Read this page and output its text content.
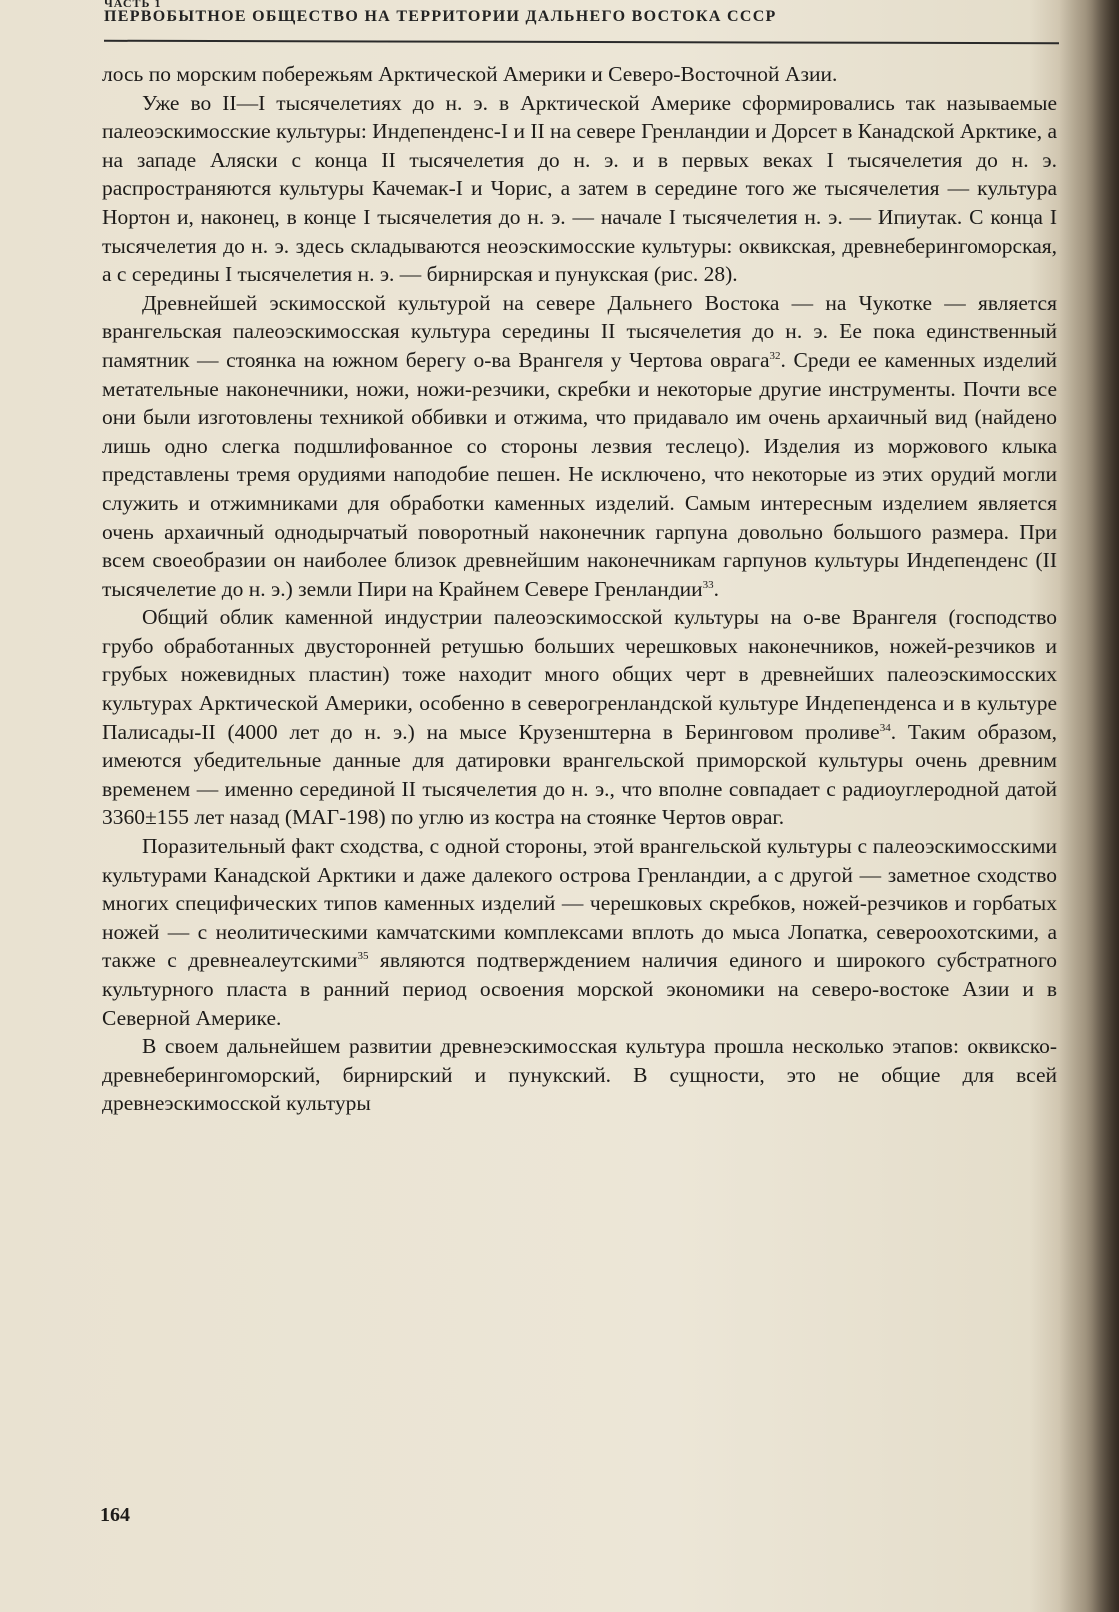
ЧАСТЬ 1
ПЕРВОБЫТНОЕ ОБЩЕСТВО НА ТЕРРИТОРИИ ДАЛЬНЕГО ВОСТОКА СССР

лось по морским побережьям Арктической Америки и Северо-Восточной Азии.

Уже во II—I тысячелетиях до н. э. в Арктической Америке сформировались так называемые палеоэскимосские культуры: Индепенденс-I и II на севере Гренландии и Дорсет в Канадской Арктике, а на западе Аляски с конца II тысячелетия до н. э. и в первых веках I тысячелетия до н. э. распространяются культуры Качемак-I и Чорис, а затем в середине того же тысячелетия — культура Нортон и, наконец, в конце I тысячелетия до н. э. — начале I тысячелетия н. э. — Ипиутак. С конца I тысячелетия до н. э. здесь складываются неоэскимосские культуры: оквикская, древнеберингоморская, а с середины I тысячелетия н. э. — бирнирская и пунукская (рис. 28).

Древнейшей эскимосской культурой на севере Дальнего Востока — на Чукотке — является врангельская палеоэскимосская культура середины II тысячелетия до н. э. Ее пока единственный памятник — стоянка на южном берегу о-ва Врангеля у Чертова оврага$^{32}$. Среди ее каменных изделий метательные наконечники, ножи, ножи-резчики, скребки и некоторые другие инструменты. Почти все они были изготовлены техникой оббивки и отжима, что придавало им очень архаичный вид (найдено лишь одно слегка подшлифованное со стороны лезвия теслецо). Изделия из моржового клыка представлены тремя орудиями наподобие пешен. Не исключено, что некоторые из этих орудий могли служить и отжимниками для обработки каменных изделий. Самым интересным изделием является очень архаичный однодырчатый поворотный наконечник гарпуна довольно большого размера. При всем своеобразии он наиболее близок древнейшим наконечникам гарпунов культуры Индепенденс (II тысячелетие до н. э.) земли Пири на Крайнем Севере Гренландии$^{33}$.

Общий облик каменной индустрии палеоэскимосской культуры на о-ве Врангеля (господство грубо обработанных двусторонней ретушью больших черешковых наконечников, ножей-резчиков и грубых ножевидных пластин) тоже находит много общих черт в древнейших палеоэскимосских культурах Арктической Америки, особенно в северогренландской культуре Индепенденса и в культуре Палисады-II (4000 лет до н. э.) на мысе Крузенштерна в Беринговом проливе$^{34}$. Таким образом, имеются убедительные данные для датировки врангельской приморской культуры очень древним временем — именно серединой II тысячелетия до н. э., что вполне совпадает с радиоуглеродной датой 3360±155 лет назад (МАГ-198) по углю из костра на стоянке Чертов овраг.

Поразительный факт сходства, с одной стороны, этой врангельской культуры с палеоэскимосскими культурами Канадской Арктики и даже далекого острова Гренландии, а с другой — заметное сходство многих специфических типов каменных изделий — черешковых скребков, ножей-резчиков и горбатых ножей — с неолитическими камчатскими комплексами вплоть до мыса Лопатка, североохотскими, а также с древнеалеутскими$^{35}$ являются подтверждением наличия единого и широкого субстратного культурного пласта в ранний период освоения морской экономики на северо-востоке Азии и в Северной Америке.

В своем дальнейшем развитии древнеэскимосская культура прошла несколько этапов: оквикско-древнеберингоморский, бирнирский и пунукский. В сущности, это не общие для всей древнеэскимосской культуры

164
